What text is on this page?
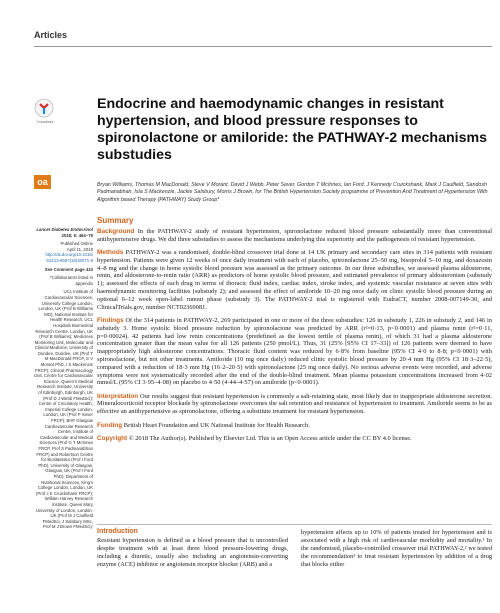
Articles
CrossMark
Endocrine and haemodynamic changes in resistant hypertension, and blood pressure responses to spironolactone or amiloride: the PATHWAY-2 mechanisms substudies
oa	Bryan Williams, Thomas M MacDonald, Steve V Morant, David J Webb, Peter Sever, Gordon T McInnes, Ian Ford, J Kennedy Cruickshank, Mark J Caulfield, Sandosh Padmanabhan, Isla S Mackenzie, Jackie Salsbury, Morris J Brown, for The British Hypertension Society programme of Prevention And Treatment of Hypertension With Algorithm based Therapy (PATHWAY) Study Group*

Lancet Diabetes Endocrinol
2018; 6: 464–75

Published Online
April 11, 2018
http://dx.doi.org/10.1016/ S2213-8587(18)30071-8

See Comment page 433

*Collaborators listed in appendix

UCL Institute of Cardiovascular Sciences, University College London, London, UK (Prof B Williams MD); National Institute for Health Research, UCL Hospitals Biomedical Research Centre, London, UK (Prof B Williams); Medicines Monitoring Unit, Molecular and Clinical Medicine, University of Dundee, Dundee, UK (Prof T M MacDonald FRCP, S V Morant PhD, I S Mackenzie FRCP); Clinical Pharmacology Unit, Centre for Cardiovascular Science, Queen's Medical Research Institute, University of Edinburgh, Edinburgh, UK (Prof D J Webb FMedSci); Centre of Circulatory Health, Imperial College London, London, UK (Prof P Sever FRCP); BHF Glasgow Cardiovascular Research Centre, Institute of Cardiovascular and Medical Sciences (Prof G T McInnes FRCP, Prof S Padmanabhan FRCP) and Robertson Centre for Biostatistics (Prof I Ford PhD), University of Glasgow, Glasgow, UK (Prof I Ford PhD); Department of Nutritional Sciences, King's College London, London, UK (Prof J K Cruickshank FRCP); William Harvey Research Institute, Queen Mary University of London, London, UK (Prof M J Caulfield FMedSci, J Salsbury MSc, Prof M J Brown FMedSci);

Summary

Background In the PATHWAY-2 study of resistant hypertension, spironolactone reduced blood pressure substantially more than conventional antihypertensive drugs. We did three substudies to assess the mechanisms underlying this superiority and the pathogenesis of resistant hypertension.

Methods PATHWAY-2 was a randomised, double-blind crossover trial done at 14 UK primary and secondary care sites in 314 patients with resistant hypertension. Patients were given 12 weeks of once daily treatment with each of placebo, spironolactone 25–50 mg, bisoprolol 5–10 mg, and doxazosin 4–8 mg and the change in home systolic blood pressure was assessed as the primary outcome. In our three substudies, we assessed plasma aldosterone, renin, and aldosterone-to-renin ratio (ARR) as predictors of home systolic blood pressure, and estimated prevalence of primary aldosteronism (substudy 1); assessed the effects of each drug in terms of thoracic fluid index, cardiac index, stroke index, and systemic vascular resistance at seven sites with haemodynamic monitoring facilities (substudy 2); and assessed the effect of amiloride 10–20 mg once daily on clinic systolic blood pressure during an optional 6–12 week open-label runout phase (substudy 3). The PATHWAY-2 trial is registered with EudraCT, number 2008-007149-30, and ClinicalTrials.gov, number NCT02369081.

Findings Of the 314 patients in PATHWAY-2, 269 participated in one or more of the three substudies: 126 in substudy 1, 226 in substudy 2, and 146 in substudy 3. Home systolic blood pressure reduction by spironolactone was predicted by ARR (r²=0·13, p<0·0001) and plasma renin (r²=0·11, p=0·00024). 42 patients had low renin concentrations (predefined as the lowest tertile of plasma renin), of which 31 had a plasma aldosterone concentration greater than the mean value for all 126 patients (250 pmol/L). Thus, 31 (25% [95% CI 17–33]) of 126 patients were deemed to have inappropriately high aldosterone concentrations. Thoracic fluid content was reduced by 6·8% from baseline (95% CI 4·0 to 8·8; p<0·0001) with spironolactone, but not other treatments. Amiloride (10 mg once daily) reduced clinic systolic blood pressure by 20·4 mm Hg (95% CI 18·3–22·5), compared with a reduction of 18·3 mm Hg (16·2–20·5) with spironolactone (25 mg once daily). No serious adverse events were recorded, and adverse symptoms were not systematically recorded after the end of the double-blind treatment. Mean plasma potassium concentrations increased from 4·02 mmol/L (95% CI 3·95–4·08) on placebo to 4·50 (4·44–4·57) on amiloride (p<0·0001).

Interpretation Our results suggest that resistant hypertension is commonly a salt-retaining state, most likely due to inappropriate aldosterone secretion. Mineralocorticoid receptor blockade by spironolactone overcomes the salt retention and resistance of hypertension to treatment. Amiloride seems to be as effective an antihypertensive as spironolactone, offering a substitute treatment for resistant hypertension.

Funding British Heart Foundation and UK National Institute for Health Research.

Copyright © 2018 The Author(s). Published by Elsevier Ltd. This is an Open Access article under the CC BY 4.0 license.

Introduction
Resistant hypertension is defined as a blood pressure that is uncontrolled despite treatment with at least three blood pressure-lowering drugs, including a diuretic, usually also including an angiotensin-converting enzyme (ACE) inhibitor or angiotensin receptor blocker (ARB) and a
hypertension affects up to 10% of patients treated for hypertension and is associated with a high risk of cardiovascular morbidity and mortality.¹ In the randomised, placebo-controlled crossover trial PATHWAY-2,² we tested the recommendation³ to treat resistant hypertension by addition of a drug that blocks either
